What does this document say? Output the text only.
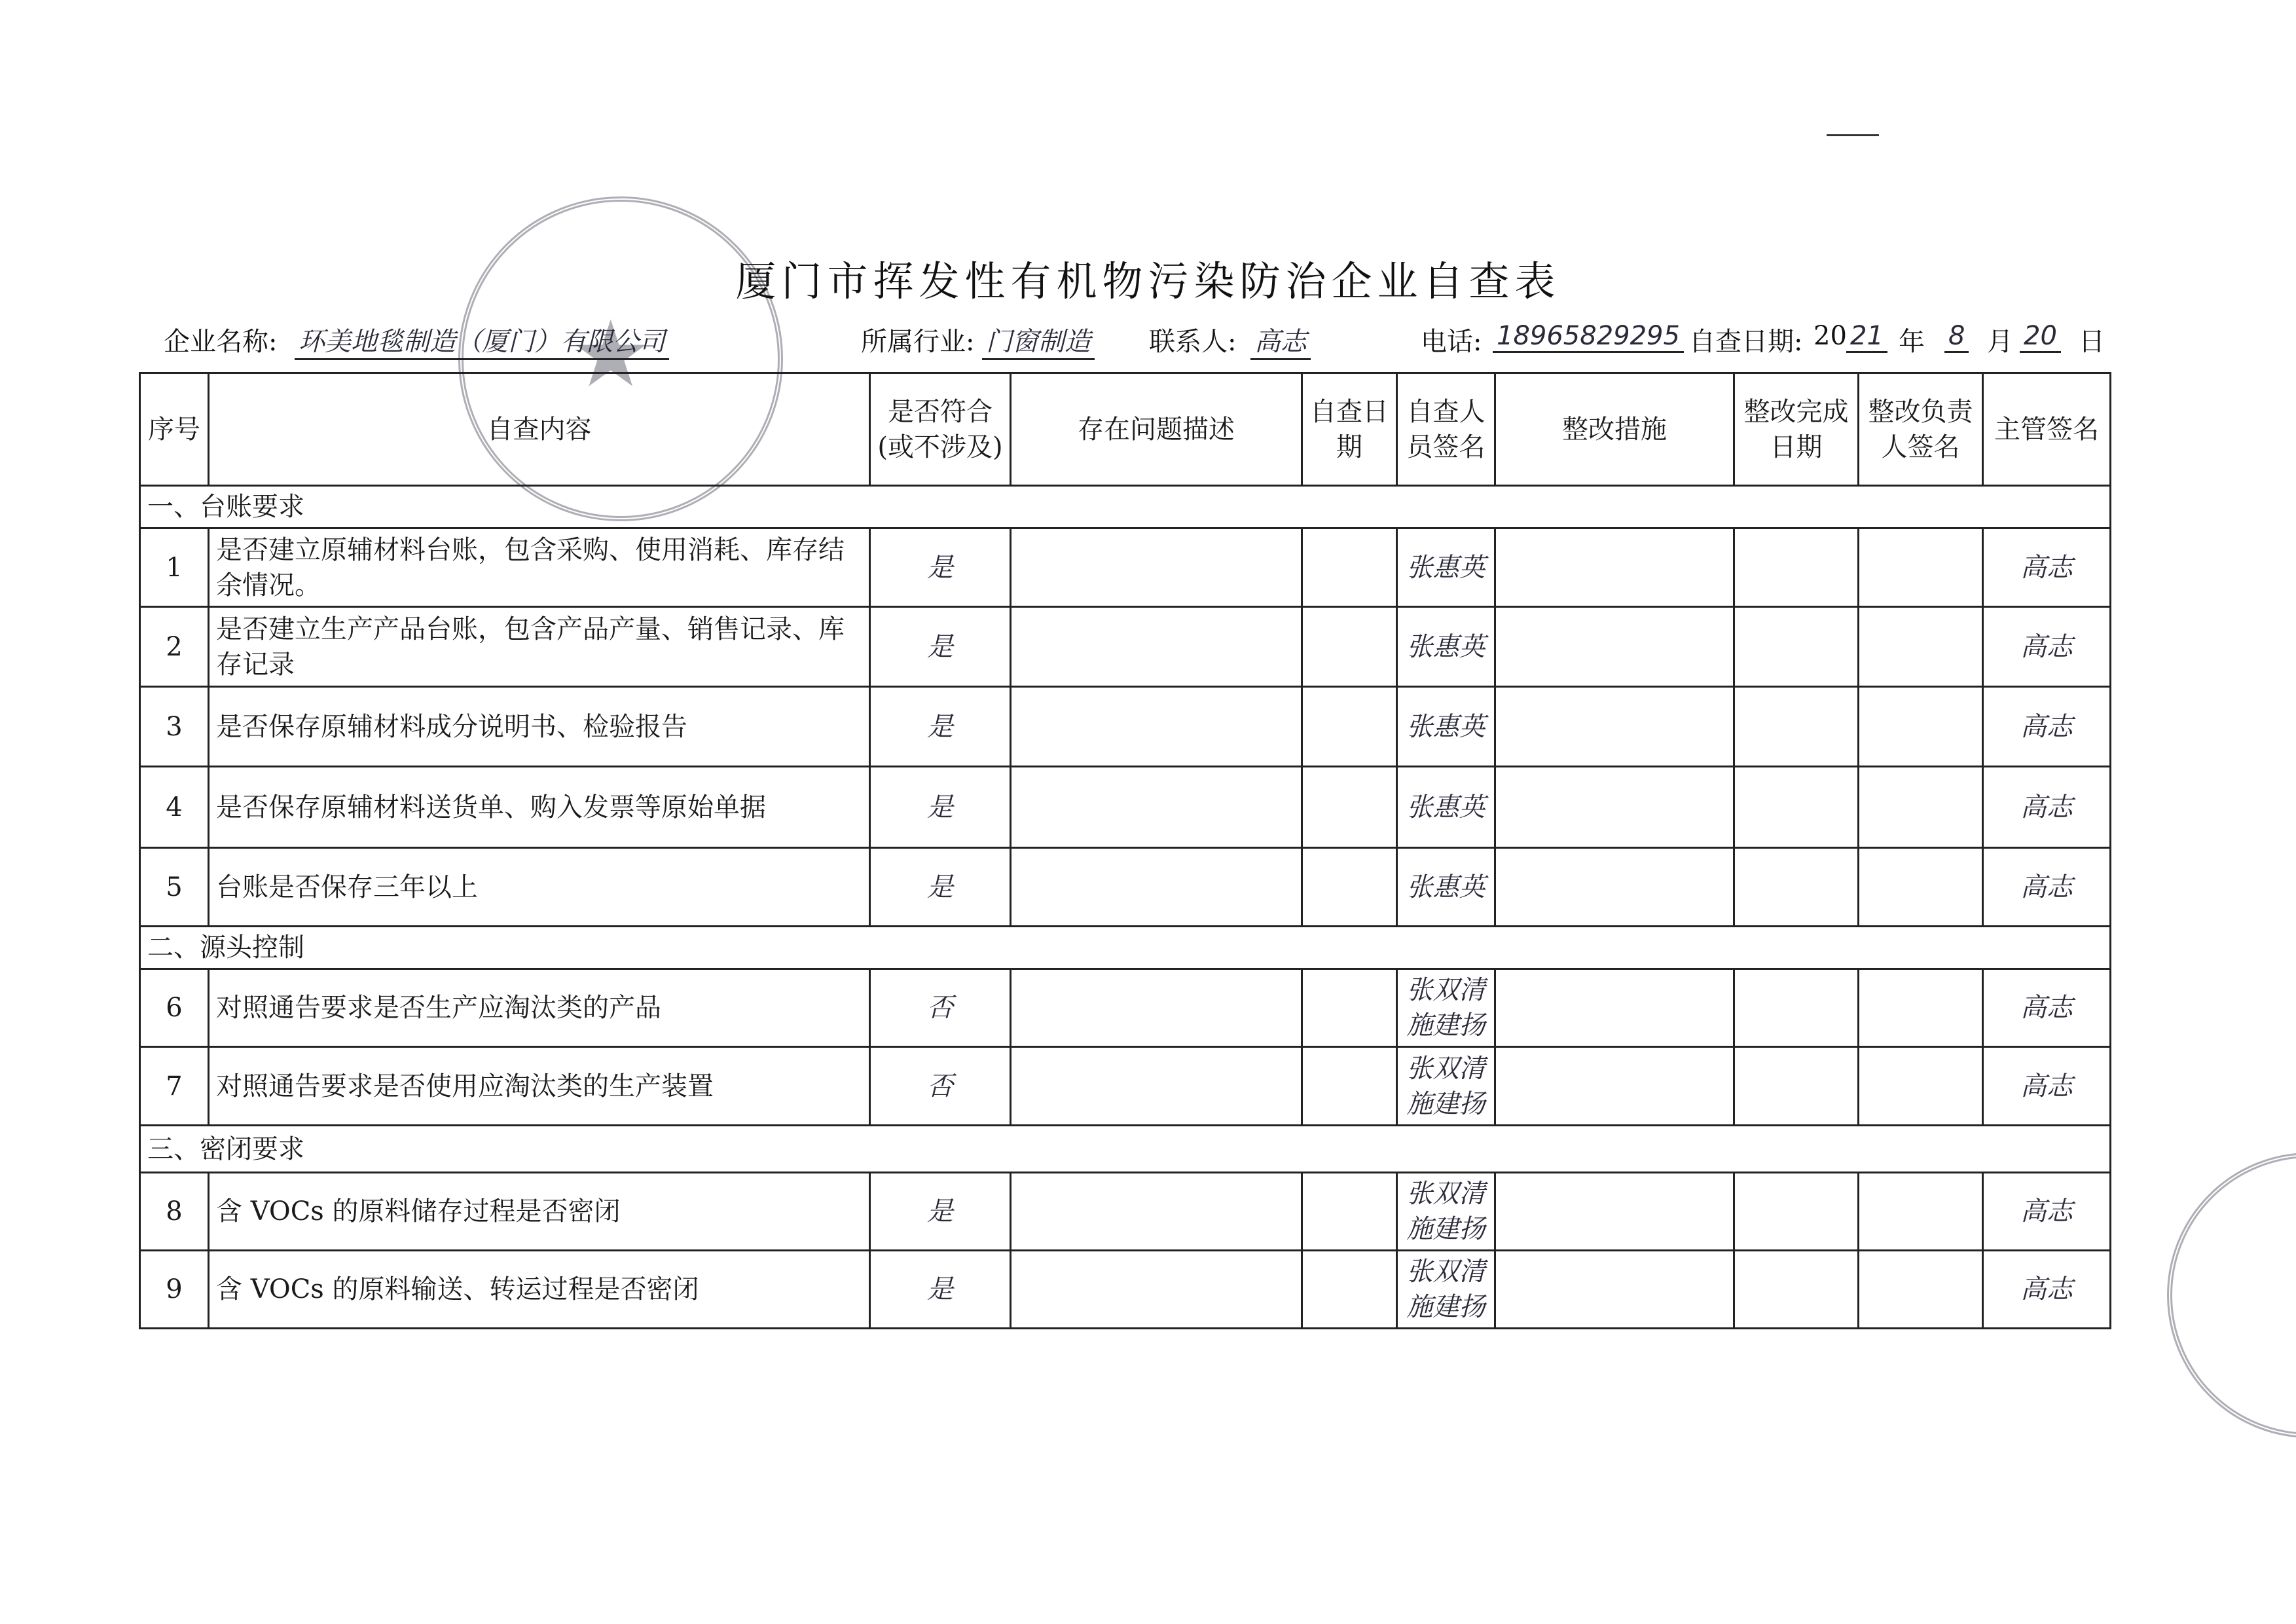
★
厦门市挥发性有机物污染防治企业自查表
企业名称: 环美地毯制造（厦门）有限公司	所属行业: 门窗制造 联系人: 高志	电话: 18965829295 自查日期: 20 21 年 8 月 20 日
序号	自查内容	是否符合(或不涉及)	存在问题描述	自查日期	自查人员签名	整改措施	整改完成日期	整改负责人签名	主管签名
一、台账要求									
1	是否建立原辅材料台账，包含采购、使用消耗、库存结余情况。	是			张惠英				高志
2	是否建立生产产品台账，包含产品产量、销售记录、库存记录	是			张惠英				高志
3	是否保存原辅材料成分说明书、检验报告	是			张惠英				高志
4	是否保存原辅材料送货单、购入发票等原始单据	是			张惠英				高志
5	台账是否保存三年以上	是			张惠英				高志
二、源头控制									
6	对照通告要求是否生产应淘汰类的产品	否			张双清 施建扬				高志
7	对照通告要求是否使用应淘汰类的生产装置	否			张双清 施建扬				高志
三、密闭要求									
8	含 VOCs 的原料储存过程是否密闭	是			张双清 施建扬				高志
9	含 VOCs 的原料输送、转运过程是否密闭	是			张双清 施建扬				高志
